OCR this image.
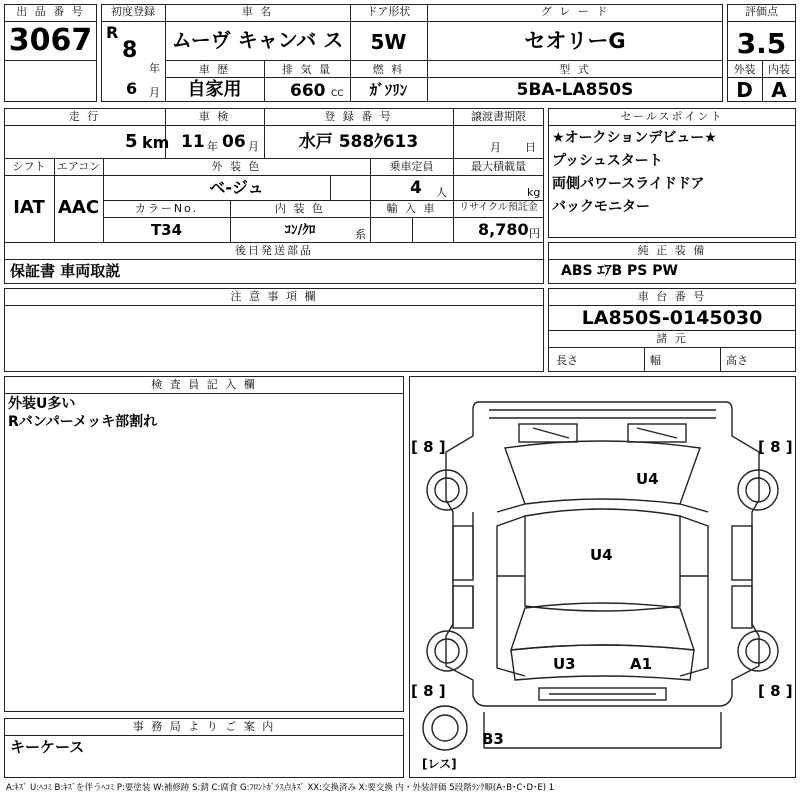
出 品 番 号
3067
初度登録
R
8
年
6 月
車 名
ムーヴ キャンバ ス
ドア形状
5W
グ レ ー ド
セオリーG
車 歴
自家用
排 気 量
660 CC
燃 料
ｶﾞｿﾘﾝ
型 式
5BA-LA850S
評価点
3.5
外装	内装
D A
走 行
5 km
車 検
11 年 06 月
登 録 番 号
水戸 588ｸ613
譲渡書期限
月 日
シフト	エアコン
IAT AAC
外 装 色
ベ-ジュ
乗車定員
4 人
最大積載量
kg
カラーNo.
T34
内 装 色
ｺﾝ/ｸﾛ	系
輸 入 車	リサイクル預託金
8,780 円
後日発送部品
保証書 車両取説
セールスポイント
★オークションデビュー★
プッシュスタート
両側パワースライドドア
バックモニター
純 正 装 備
ABS ｴｱB PS PW
注 意 事 項 欄	車 台 番 号
LA850S-0145030
諸 元
長さ	幅	高さ
検 査 員 記 入 欄
外装U多い
Rバンパーメッキ部割れ
事 務 局 よ り ご 案 内
キーケース
[ 8 ]	[ 8 ]
[ 8 ]	[ 8 ]
U4
U4
U3	A1
B3
[レス]
A:ｷｽﾞ U:ﾍｺﾐ B:ｷｽﾞを伴うﾍｺﾐ P:要塗装 W:補修跡 S:錆 C:腐食 G:ﾌﾛﾝﾄｶﾞﾗｽ点ｷｽﾞ XX:交換済み X:要交換 内・外装評価 5段階ﾗﾝｸ順(A･B･C･D･E) 1
